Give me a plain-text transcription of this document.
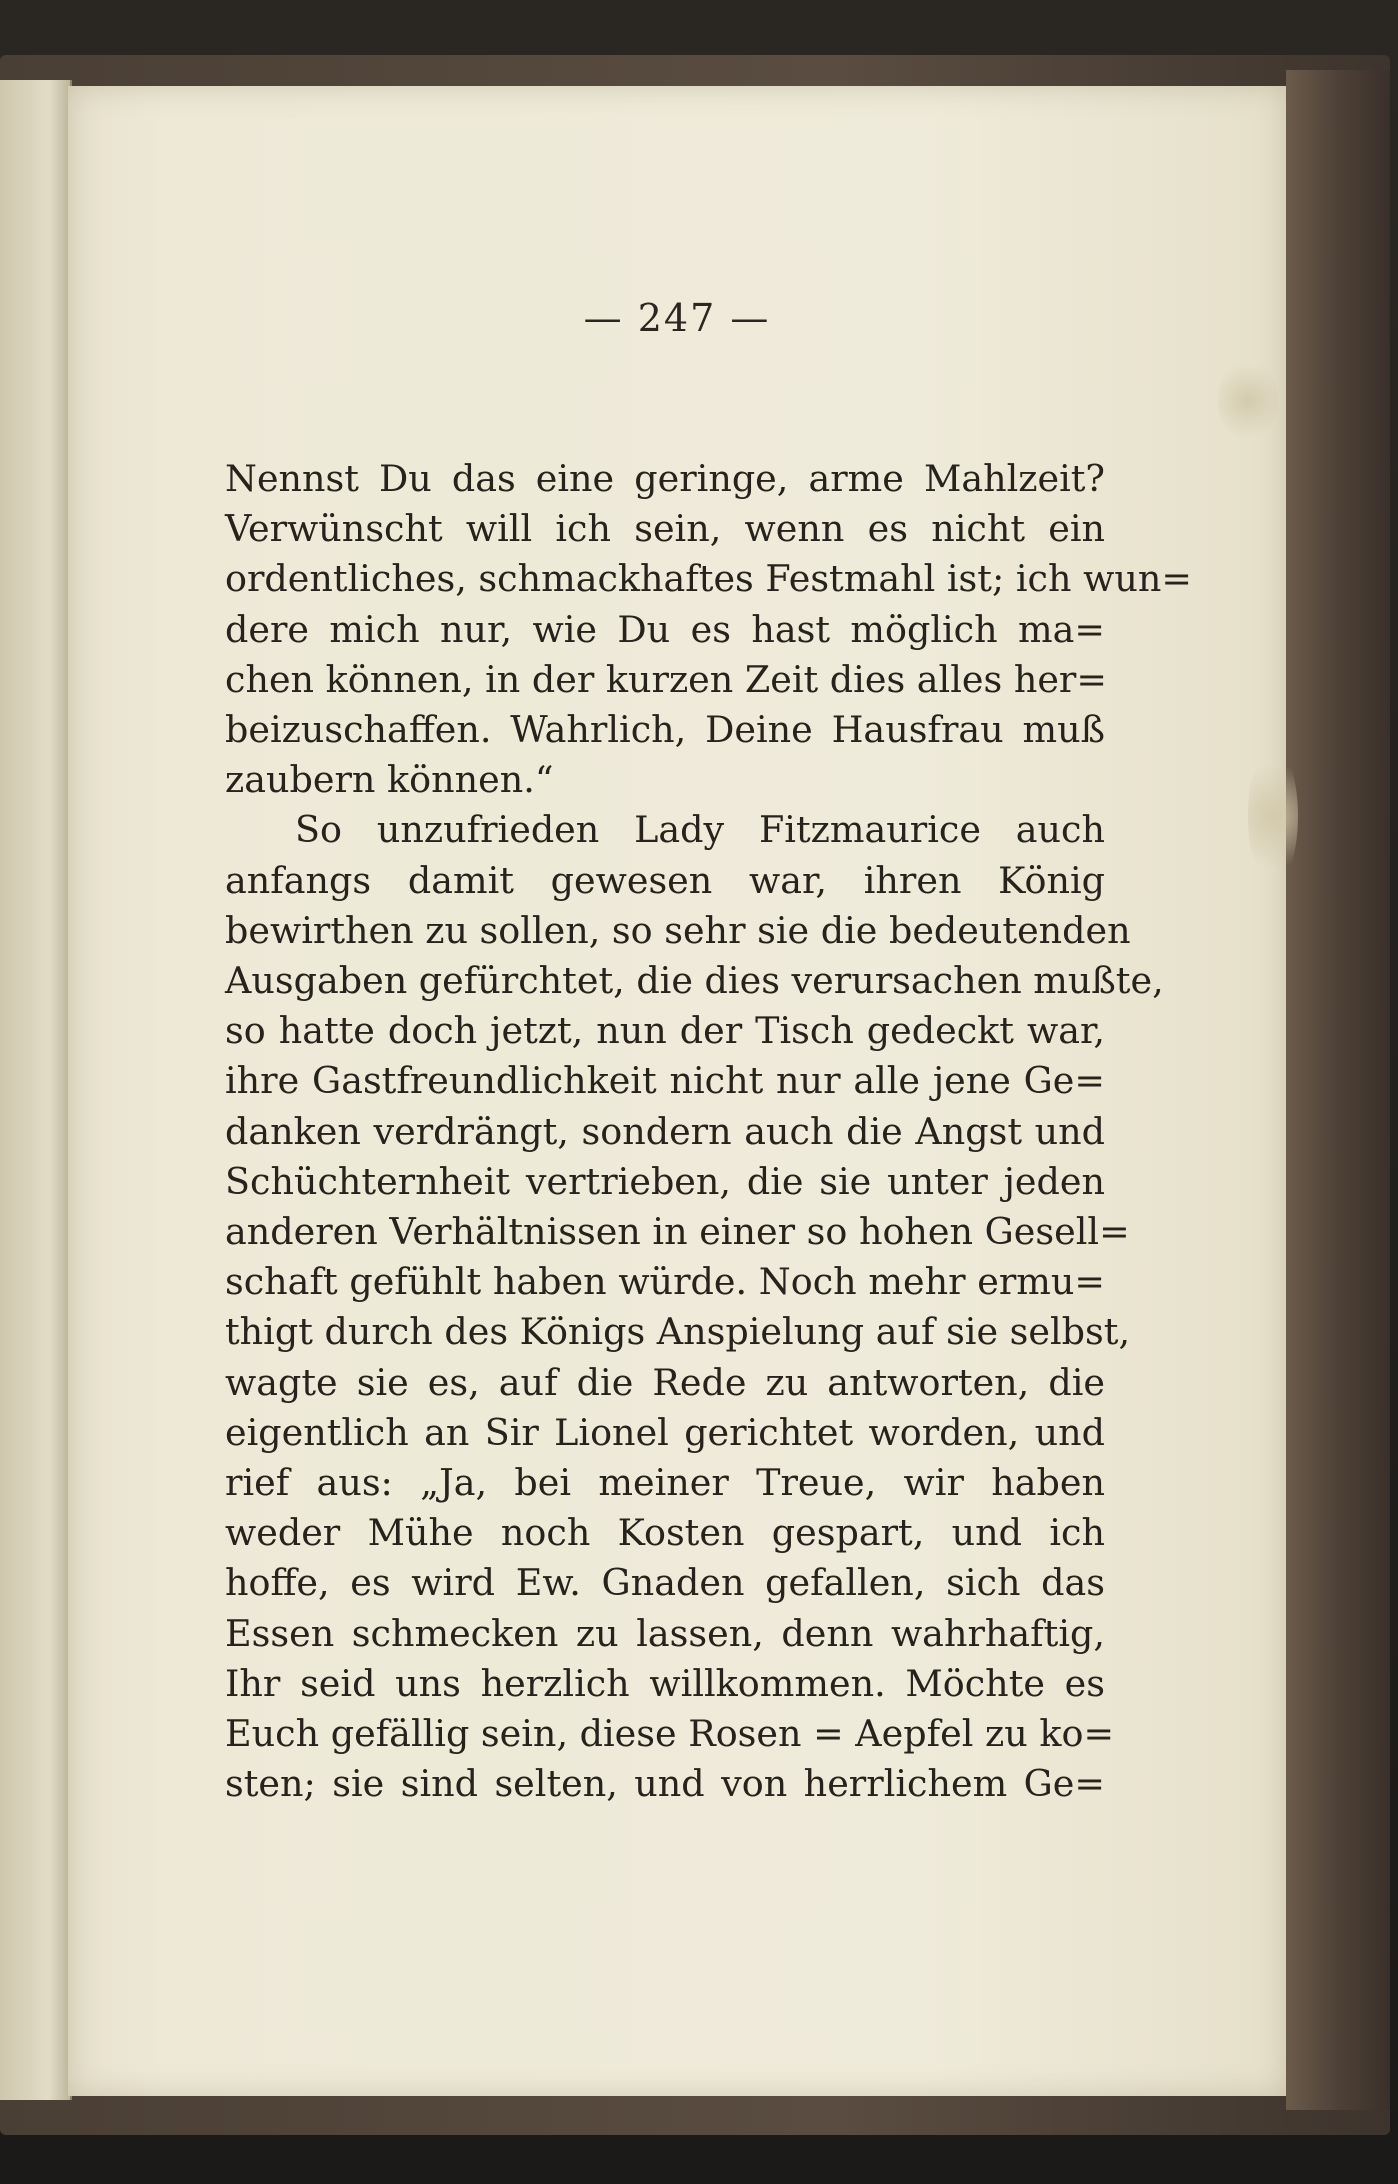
— 247 —
Nennst Du das eine geringe, arme Mahlzeit?
Verwünscht will ich sein, wenn es nicht ein
ordentliches, schmackhaftes Festmahl ist; ich wun=
dere mich nur, wie Du es hast möglich ma=
chen können, in der kurzen Zeit dies alles her=
beizuschaffen. Wahrlich, Deine Hausfrau muß
zaubern können.“
So unzufrieden Lady Fitzmaurice auch
anfangs damit gewesen war, ihren König
bewirthen zu sollen, so sehr sie die bedeutenden
Ausgaben gefürchtet, die dies verursachen mußte,
so hatte doch jetzt, nun der Tisch gedeckt war,
ihre Gastfreundlichkeit nicht nur alle jene Ge=
danken verdrängt, sondern auch die Angst und
Schüchternheit vertrieben, die sie unter jeden
anderen Verhältnissen in einer so hohen Gesell=
schaft gefühlt haben würde. Noch mehr ermu=
thigt durch des Königs Anspielung auf sie selbst,
wagte sie es, auf die Rede zu antworten, die
eigentlich an Sir Lionel gerichtet worden, und
rief aus: „Ja, bei meiner Treue, wir haben
weder Mühe noch Kosten gespart, und ich
hoffe, es wird Ew. Gnaden gefallen, sich das
Essen schmecken zu lassen, denn wahrhaftig,
Ihr seid uns herzlich willkommen. Möchte es
Euch gefällig sein, diese Rosen = Aepfel zu ko=
sten; sie sind selten, und von herrlichem Ge=
